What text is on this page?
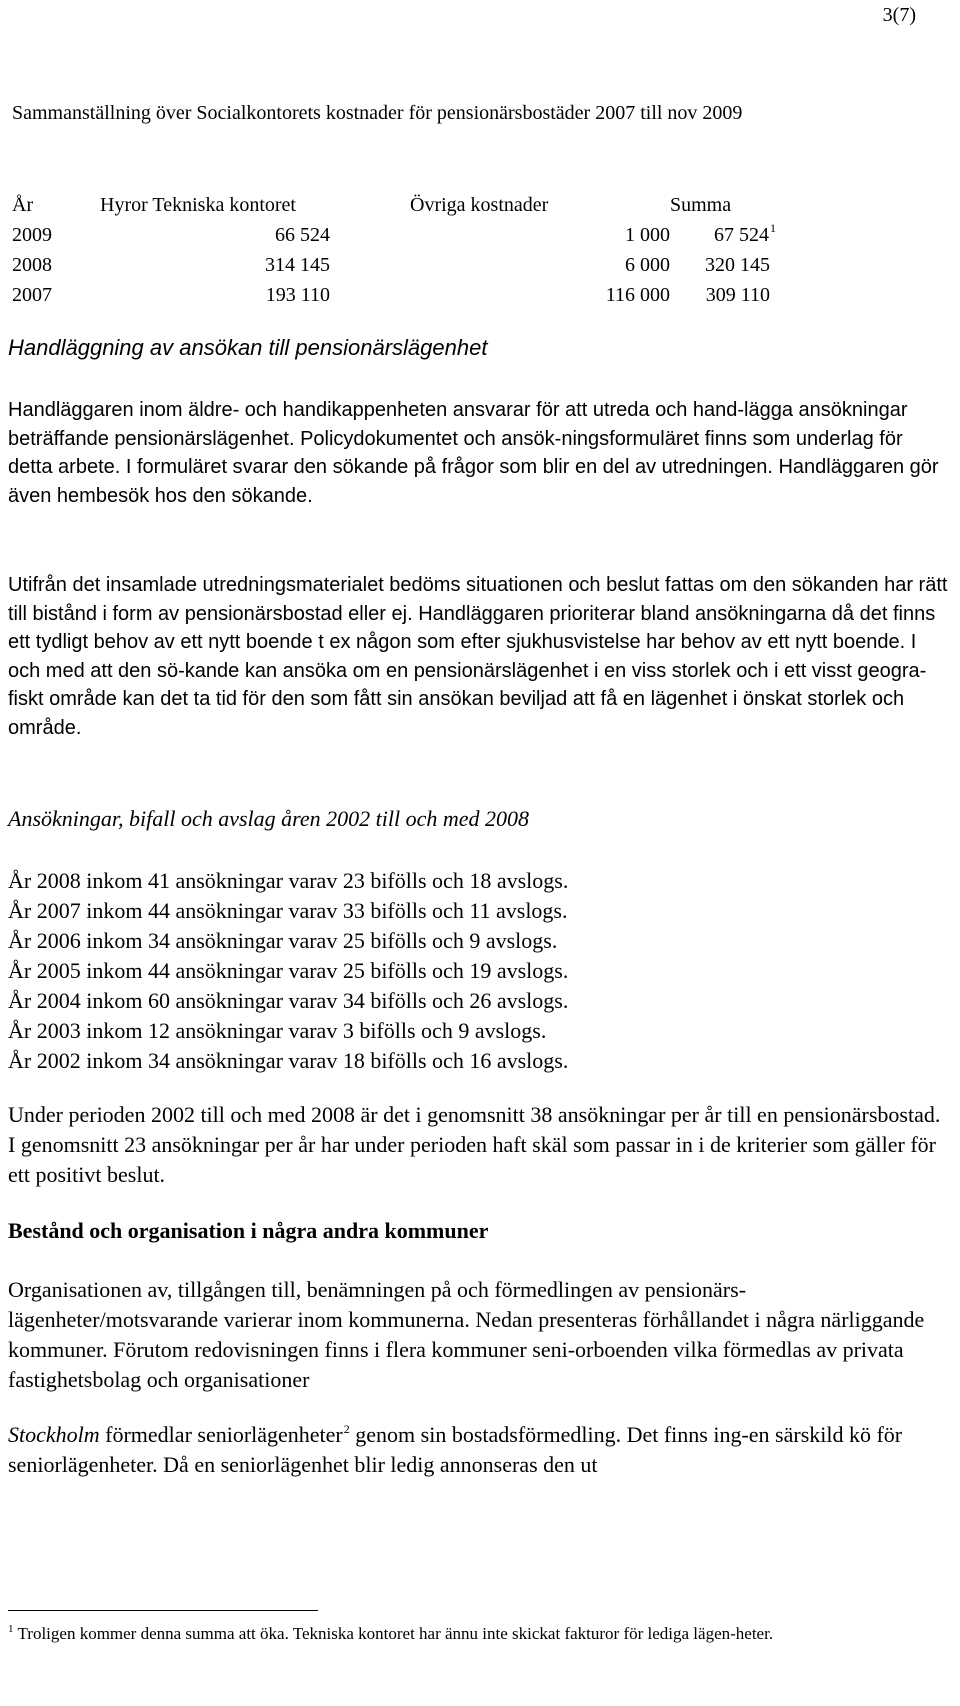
3(7)
Sammanställning över Socialkontorets kostnader för pensionärsbostäder 2007 till nov 2009
År	Hyror Tekniska kontoret	Övriga kostnader	Summa
2009	66 524	1 000	67 524$^1$
2008	314 145	6 000	320 145
2007	193 110	116 000	309 110
Handläggning av ansökan till pensionärslägenhet

Handläggaren inom äldre- och handikappenheten ansvarar för att utreda och hand-lägga ansökningar beträffande pensionärslägenhet. Policydokumentet och ansök-ningsformuläret finns som underlag för detta arbete. I formuläret svarar den sökande på frågor som blir en del av utredningen. Handläggaren gör även hembesök hos den sökande.

Utifrån det insamlade utredningsmaterialet bedöms situationen och beslut fattas om den sökanden har rätt till bistånd i form av pensionärsbostad eller ej. Handläggaren prioriterar bland ansökningarna då det finns ett tydligt behov av ett nytt boende t ex någon som efter sjukhusvistelse har behov av ett nytt boende. I och med att den sö-kande kan ansöka om en pensionärslägenhet i en viss storlek och i ett visst geogra-fiskt område kan det ta tid för den som fått sin ansökan beviljad att få en lägenhet i önskat storlek och område.

Ansökningar, bifall och avslag åren 2002 till och med 2008
År 2008 inkom 41 ansökningar varav 23 bifölls och 18 avslogs.
År 2007 inkom 44 ansökningar varav 33 bifölls och 11 avslogs.
År 2006 inkom 34 ansökningar varav 25 bifölls och 9 avslogs.
År 2005 inkom 44 ansökningar varav 25 bifölls och 19 avslogs.
År 2004 inkom 60 ansökningar varav 34 bifölls och 26 avslogs.
År 2003 inkom 12 ansökningar varav 3 bifölls och 9 avslogs.
År 2002 inkom 34 ansökningar varav 18 bifölls och 16 avslogs.

Under perioden 2002 till och med 2008 är det i genomsnitt 38 ansökningar per år till en pensionärsbostad. I genomsnitt 23 ansökningar per år har under perioden haft skäl som passar in i de kriterier som gäller för ett positivt beslut.

Bestånd och organisation i några andra kommuner

Organisationen av, tillgången till, benämningen på och förmedlingen av pensionärs-lägenheter/motsvarande varierar inom kommunerna. Nedan presenteras förhållandet i några närliggande kommuner. Förutom redovisningen finns i flera kommuner seni-orboenden vilka förmedlas av privata fastighetsbolag och organisationer

Stockholm förmedlar seniorlägenheter$^2$ genom sin bostadsförmedling. Det finns ing-en särskild kö för seniorlägenheter. Då en seniorlägenhet blir ledig annonseras den ut

$^1$ Troligen kommer denna summa att öka. Tekniska kontoret har ännu inte skickat fakturor för lediga lägen-heter.
